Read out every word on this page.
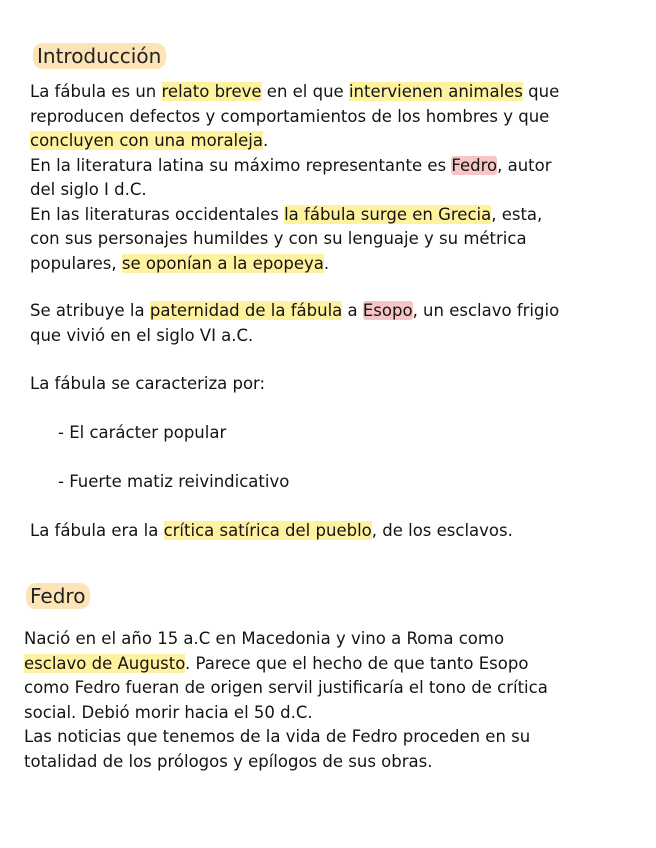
Introducción

La fábula es un relato breve en el que intervienen animales que
reproducen defectos y comportamientos de los hombres y que
concluyen con una moraleja.
En la literatura latina su máximo representante es Fedro, autor
del siglo I d.C.
En las literaturas occidentales la fábula surge en Grecia, esta,
con sus personajes humildes y con su lenguaje y su métrica
populares, se oponían a la epopeya.

Se atribuye la paternidad de la fábula a Esopo, un esclavo frigio
que vivió en el siglo VI a.C.

La fábula se caracteriza por:

- El carácter popular

- Fuerte matiz reivindicativo

La fábula era la crítica satírica del pueblo, de los esclavos.

Fedro

Nació en el año 15 a.C en Macedonia y vino a Roma como
esclavo de Augusto. Parece que el hecho de que tanto Esopo
como Fedro fueran de origen servil justificaría el tono de crítica
social. Debió morir hacia el 50 d.C.
Las noticias que tenemos de la vida de Fedro proceden en su
totalidad de los prólogos y epílogos de sus obras.
